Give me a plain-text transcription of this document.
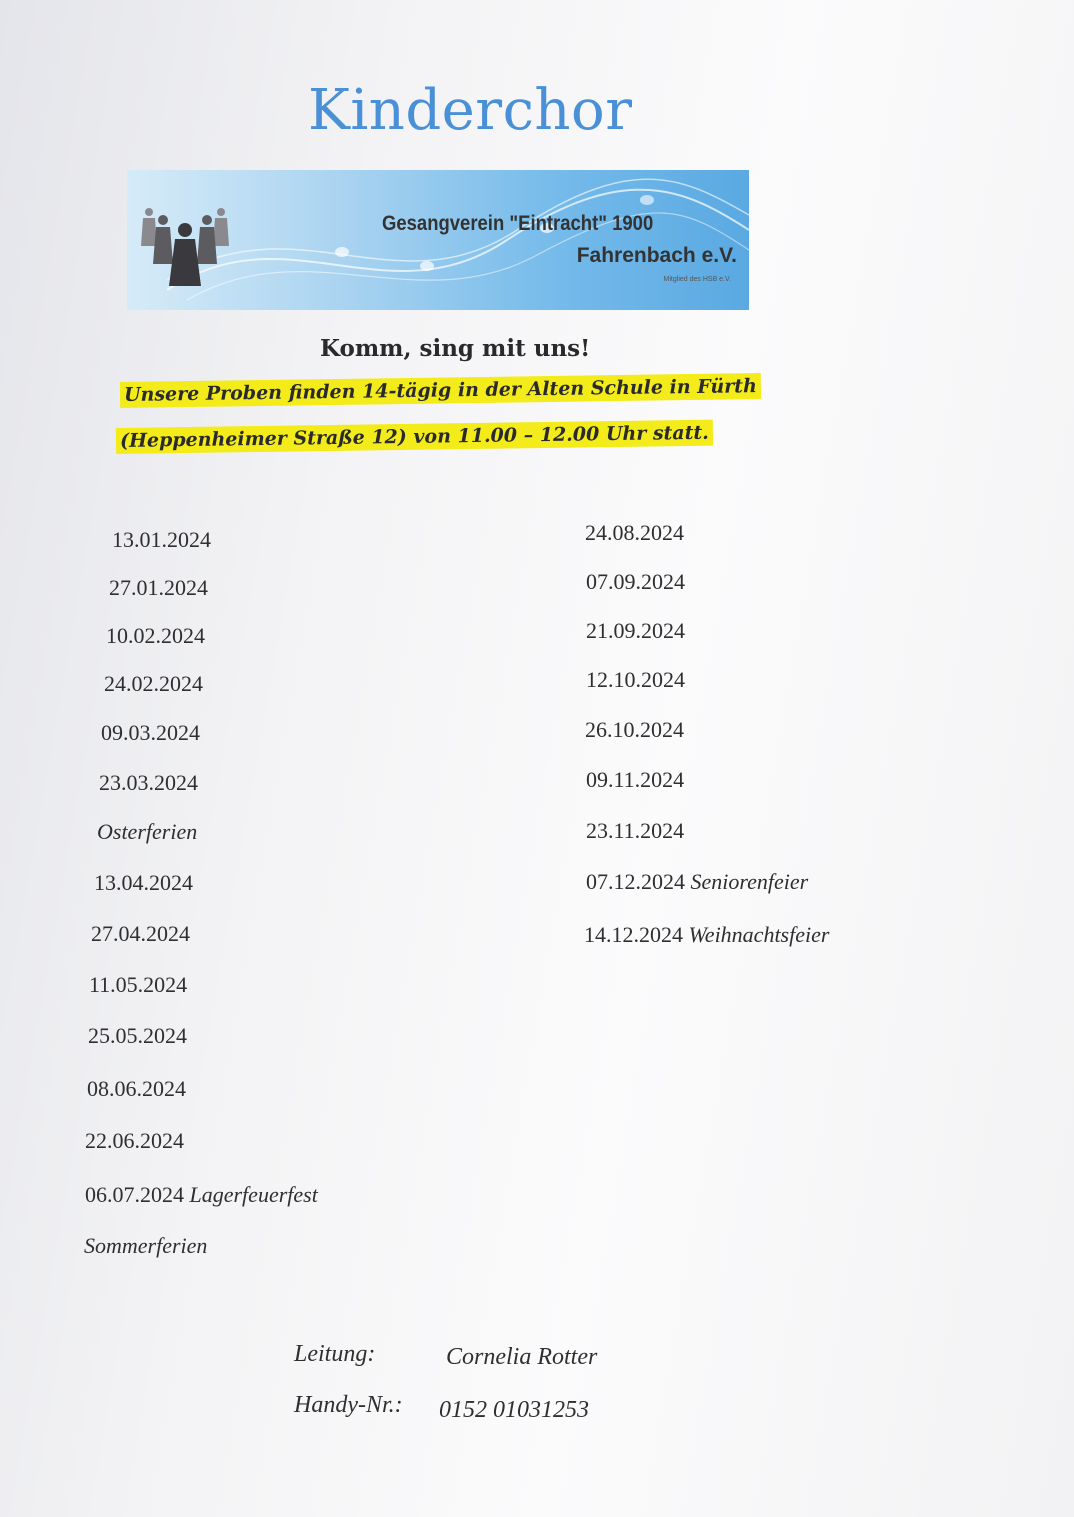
Kinderchor
Gesangverein "Eintracht" 1900
Fahrenbach e.V.
Mitglied des HSB e.V.
Komm, sing mit uns!
Unsere Proben finden 14-tägig in der Alten Schule in Fürth
(Heppenheimer Straße 12) von 11.00 – 12.00 Uhr statt.
13.01.2024
27.01.2024
10.02.2024
24.02.2024
09.03.2024
23.03.2024
Osterferien
13.04.2024
27.04.2024
11.05.2024
25.05.2024
08.06.2024
22.06.2024
06.07.2024 Lagerfeuerfest
Sommerferien
24.08.2024
07.09.2024
21.09.2024
12.10.2024
26.10.2024
09.11.2024
23.11.2024
07.12.2024 Seniorenfeier
14.12.2024 Weihnachtsfeier
Leitung:	Cornelia Rotter
Handy-Nr.: 0152 01031253
